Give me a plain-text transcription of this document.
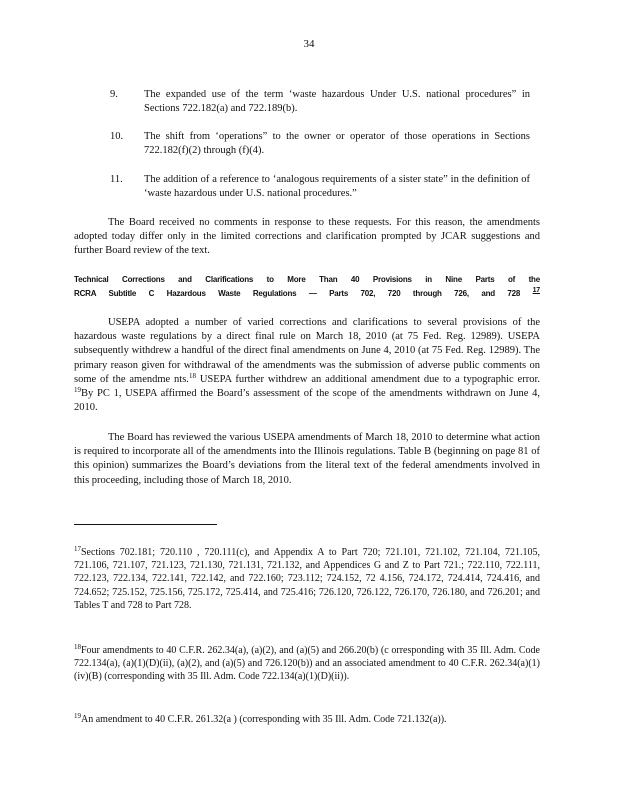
34
9. The expanded use of the term ‘waste hazardous Under U.S. national procedures” in Sections 722.182(a) and 722.189(b).
10. The shift from ‘operations” to the owner or operator of those operations in Sections 722.182(f)(2) through (f)(4).
11. The addition of a reference to ‘analogous requirements of a sister state” in the definition of ‘waste hazardous under U.S. national procedures.”
The Board received no comments in response to these requests. For this reason, the amendments adopted today differ only in the limited corrections and clarification prompted by JCAR suggestions and further Board review of the text.
Technical Corrections and Clarifications to More Than 40 Provisions in Nine Parts of the
RCRA Subtitle C Hazardous Waste Regulations — Parts 702, 720 through 726, and 728 $^{17}$
USEPA adopted a number of varied corrections and clarifications to several provisions of the hazardous waste regulations by a direct final rule on March 18, 2010 (at 75 Fed. Reg. 12989). USEPA subsequently withdrew a handful of the direct final amendments on June 4, 2010 (at 75 Fed. Reg. 12989). The primary reason given for withdrawal of the amendments was the submission of adverse public comments on some of the amendme nts.$^{18}$ USEPA further withdrew an additional amendment due to a typographic error. $^{19}$By PC 1, USEPA affirmed the Board’s assessment of the scope of the amendments withdrawn on June 4, 2010.
The Board has reviewed the various USEPA amendments of March 18, 2010 to determine what action is required to incorporate all of the amendments into the Illinois regulations. Table B (beginning on page 81 of this opinion) summarizes the Board’s deviations from the literal text of the federal amendments involved in this proceeding, including those of March 18, 2010.
$^{17}$Sections 702.181; 720.110 , 720.111(c), and Appendix A to Part 720; 721.101, 721.102, 721.104, 721.105, 721.106, 721.107, 721.123, 721.130, 721.131, 721.132, and Appendices G and Z to Part 721.; 722.110, 722.111, 722.123, 722.134, 722.141, 722.142, and 722.160; 723.112; 724.152, 72 4.156, 724.172, 724.414, 724.416, and 724.652; 725.152, 725.156, 725.172, 725.414, and 725.416; 726.120, 726.122, 726.170, 726.180, and 726.201; and Tables T and 728 to Part 728.
$^{18}$Four amendments to 40 C.F.R. 262.34(a), (a)(2), and (a)(5) and 266.20(b) (c orresponding with 35 Ill. Adm. Code 722.134(a), (a)(1)(D)(ii), (a)(2), and (a)(5) and 726.120(b)) and an associated amendment to 40 C.F.R. 262.34(a)(1)(iv)(B) (corresponding with 35 Ill. Adm. Code 722.134(a)(1)(D)(ii)).
$^{19}$An amendment to 40 C.F.R. 261.32(a ) (corresponding with 35 Ill. Adm. Code 721.132(a)).
